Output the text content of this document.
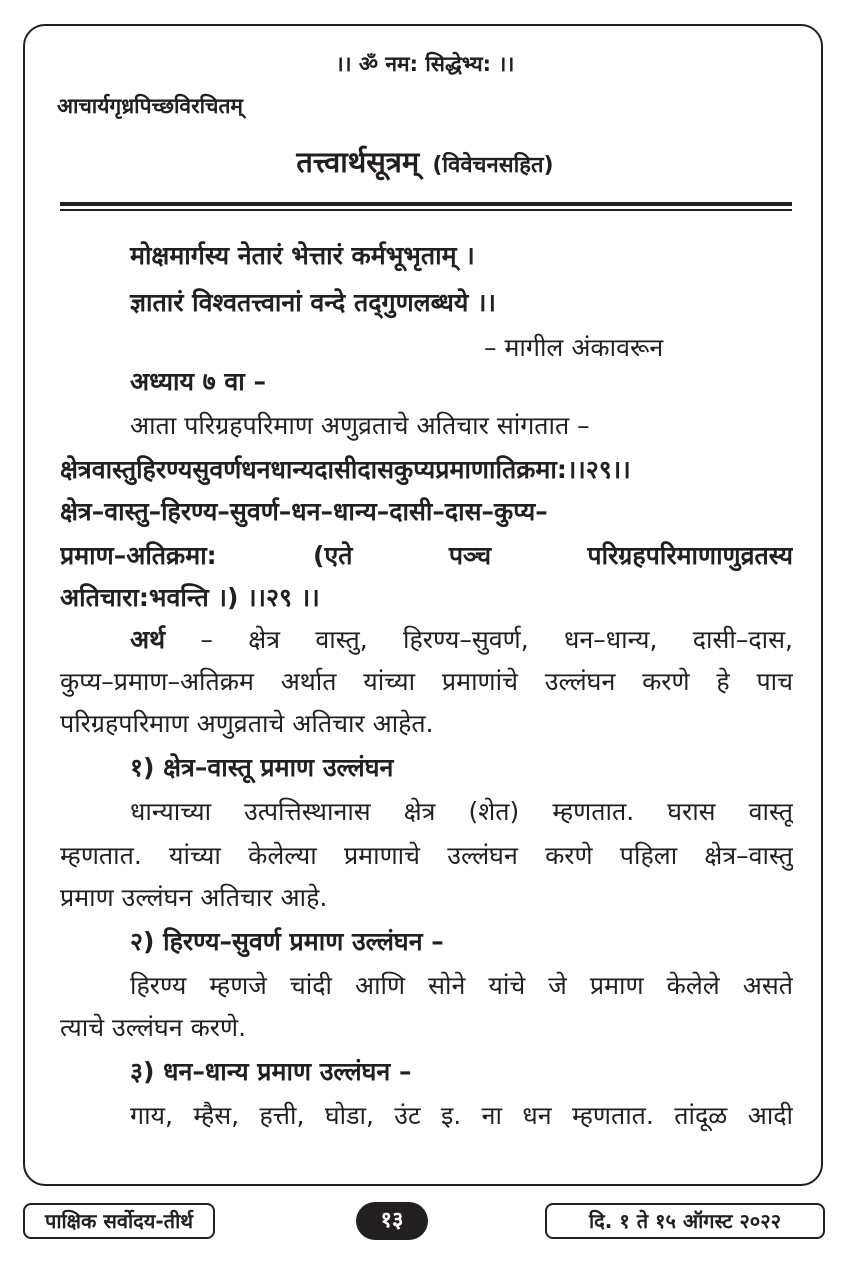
।। ॐ नम: सिद्धेभ्य: ।।
आचार्यगृध्रपिच्छविरचितम्
तत्त्वार्थसूत्रम् (विवेचनसहित)
मोक्षमार्गस्य नेतारं भेत्तारं कर्मभूभृताम् ।
ज्ञातारं विश्वतत्त्वानां वन्दे तद्‌गुणलब्धये ।।
– मागील अंकावरून
अध्याय ७ वा –
आता परिग्रहपरिमाण अणुव्रताचे अतिचार सांगतात –
क्षेत्रवास्तुहिरण्यसुवर्णधनधान्यदासीदासकुप्यप्रमाणातिक्रमा:।।२९।।
क्षेत्र–वास्तु–हिरण्य–सुवर्ण–धन–धान्य–दासी–दास–कुप्य–
प्रमाण–अतिक्रमा: (एते पञ्च परिग्रहपरिमाणाणुव्रतस्य
अतिचारा:भवन्ति ।) ।।२९ ।।
अर्थ – क्षेत्र वास्तु, हिरण्य–सुवर्ण, धन–धान्य, दासी–दास,
कुप्य–प्रमाण–अतिक्रम अर्थात यांच्या प्रमाणांचे उल्लंघन करणे हे पाच
परिग्रहपरिमाण अणुव्रताचे अतिचार आहेत.
१) क्षेत्र–वास्तू प्रमाण उल्लंघन
धान्याच्या उत्पत्तिस्थानास क्षेत्र (शेत) म्हणतात. घरास वास्तू
म्हणतात. यांच्या केलेल्या प्रमाणाचे उल्लंघन करणे पहिला क्षेत्र–वास्तु
प्रमाण उल्लंघन अतिचार आहे.
२) हिरण्य–सुवर्ण प्रमाण उल्लंघन –
हिरण्य म्हणजे चांदी आणि सोने यांचे जे प्रमाण केलेले असते
त्याचे उल्लंघन करणे.
३) धन–धान्य प्रमाण उल्लंघन –
गाय, म्हैस, हत्ती, घोडा, उंट इ. ना धन म्हणतात. तांदूळ आदी
पाक्षिक सर्वोदय-तीर्थ	१३	दि. १ ते १५ ऑगस्ट २०२२
